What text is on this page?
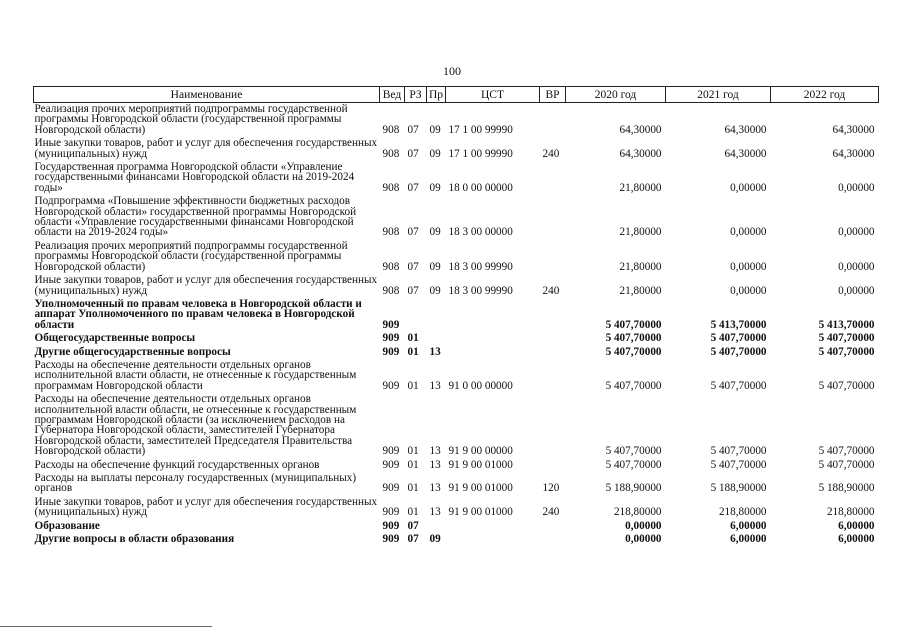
100
Наименование	Вед	РЗ	Пр	ЦСТ	ВР	2020 год	2021 год	2022 год
Реализация прочих мероприятий подпрограммы государственной программы Новгородской области (государственной программы Новгородской области)	908	07	09	17 1 00 99990		64,30000	64,30000	64,30000
Иные закупки товаров, работ и услуг для обеспечения государственных (муниципальных) нужд	908	07	09	17 1 00 99990	240	64,30000	64,30000	64,30000
Государственная программа Новгородской области «Управление государственными финансами Новгородской области на 2019-2024 годы»	908	07	09	18 0 00 00000		21,80000	0,00000	0,00000
Подпрограмма «Повышение эффективности бюджетных расходов Новгородской области» государственной программы Новгородской области «Управление государственными финансами Новгородской области на 2019-2024 годы»	908	07	09	18 3 00 00000		21,80000	0,00000	0,00000
Реализация прочих мероприятий подпрограммы государственной программы Новгородской области (государственной программы Новгородской области)	908	07	09	18 3 00 99990		21,80000	0,00000	0,00000
Иные закупки товаров, работ и услуг для обеспечения государственных (муниципальных) нужд	908	07	09	18 3 00 99990	240	21,80000	0,00000	0,00000
Уполномоченный по правам человека в Новгородской области и аппарат Уполномоченного по правам человека в Новгородской области	909					5 407,70000	5 413,70000	5 413,70000
Общегосударственные вопросы	909	01				5 407,70000	5 407,70000	5 407,70000
Другие общегосударственные вопросы	909	01	13			5 407,70000	5 407,70000	5 407,70000
Расходы на обеспечение деятельности отдельных органов исполнительной власти области, не отнесенные к государственным программам Новгородской области	909	01	13	91 0 00 00000		5 407,70000	5 407,70000	5 407,70000
Расходы на обеспечение деятельности отдельных органов исполнительной власти области, не отнесенные к государственным программам Новгородской области (за исключением расходов на Губернатора Новгородской области, заместителей Губернатора Новгородской области, заместителей Председателя Правительства Новгородской области)	909	01	13	91 9 00 00000		5 407,70000	5 407,70000	5 407,70000
Расходы на обеспечение функций государственных органов	909	01	13	91 9 00 01000		5 407,70000	5 407,70000	5 407,70000
Расходы на выплаты персоналу государственных (муниципальных) органов	909	01	13	91 9 00 01000	120	5 188,90000	5 188,90000	5 188,90000
Иные закупки товаров, работ и услуг для обеспечения государственных (муниципальных) нужд	909	01	13	91 9 00 01000	240	218,80000	218,80000	218,80000
Образование	909	07				0,00000	6,00000	6,00000
Другие вопросы в области образования	909	07	09			0,00000	6,00000	6,00000
